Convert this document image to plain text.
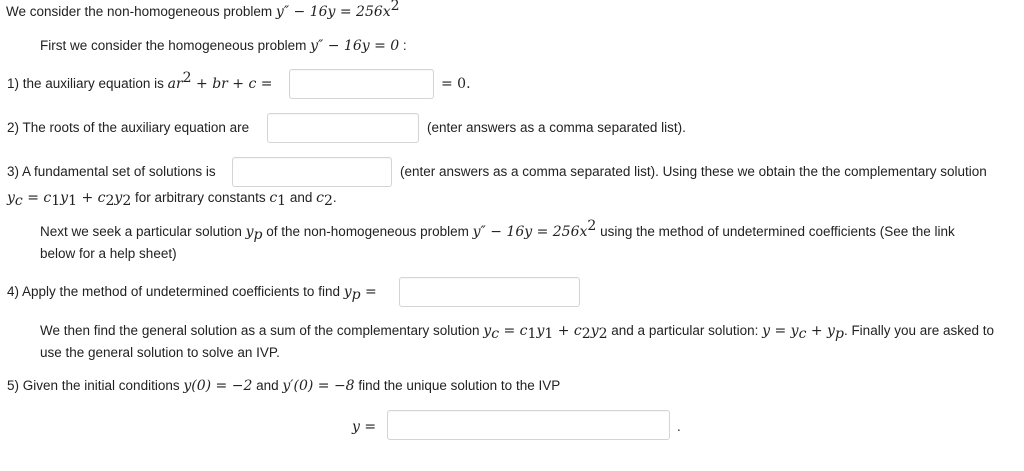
We consider the non-homogeneous problem $y'' - 16y = 256x^2$
First we consider the homogeneous problem y″ − 16y = 0 :
1) the auxiliary equation is $ar^2$ + br + c =	= 0.
2) The roots of the auxiliary equation are	(enter answers as a comma separated list).
3) A fundamental set of solutions is	(enter answers as a comma separated list). Using these we obtain the the complementary solution
$y_c = c_1y_1 + c_2y_2$ for arbitrary constants $c_1$ and $c_2$.
Next we seek a particular solution $y_p$ of the non-homogeneous problem $y'' - 16y = 256x^2$ using the method of undetermined coefficients (See the link
below for a help sheet)
4) Apply the method of undetermined coefficients to find $y_p$ =
We then find the general solution as a sum of the complementary solution $y_c = c_1y_1 + c_2y_2$ and a particular solution: $y = y_c + y_p$. Finally you are asked to
use the general solution to solve an IVP.
5) Given the initial conditions y(0) = −2 and y′(0) = −8 find the unique solution to the IVP
y =	.
